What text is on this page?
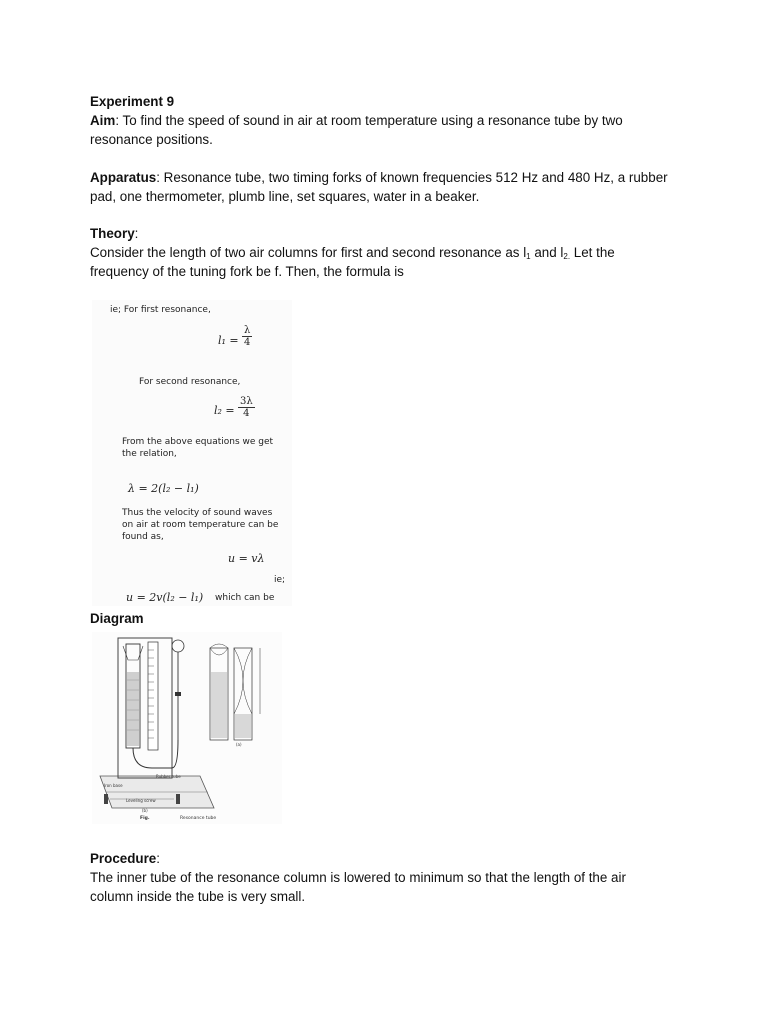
Experiment 9
Aim: To find the speed of sound in air at room temperature using a resonance tube by two resonance positions.
Apparatus: Resonance tube, two timing forks of known frequencies 512 Hz and 480 Hz, a rubber pad, one thermometer, plumb line, set squares, water in a beaker.
Theory:
Consider the length of two air columns for first and second resonance as $l_1$ and $l_{2.}$ Let the frequency of the tuning fork be f. Then, the formula is
ie; For first resonance,
l₁ =
λ
4
For second resonance,
l₂ =
3λ
4
From the above equations we get
the relation,
λ = 2(l₂ − l₁)
Thus the velocity of sound waves
on air at room temperature can be
found as,
u = vλ
ie;
u = 2v(l₂ − l₁) which can be
Diagram
Rubber tube
Iron base
Leveling screw
(b)
Fig.	Resonance tube
(a)
Procedure:
The inner tube of the resonance column is lowered to minimum so that the length of the air column inside the tube is very small.
